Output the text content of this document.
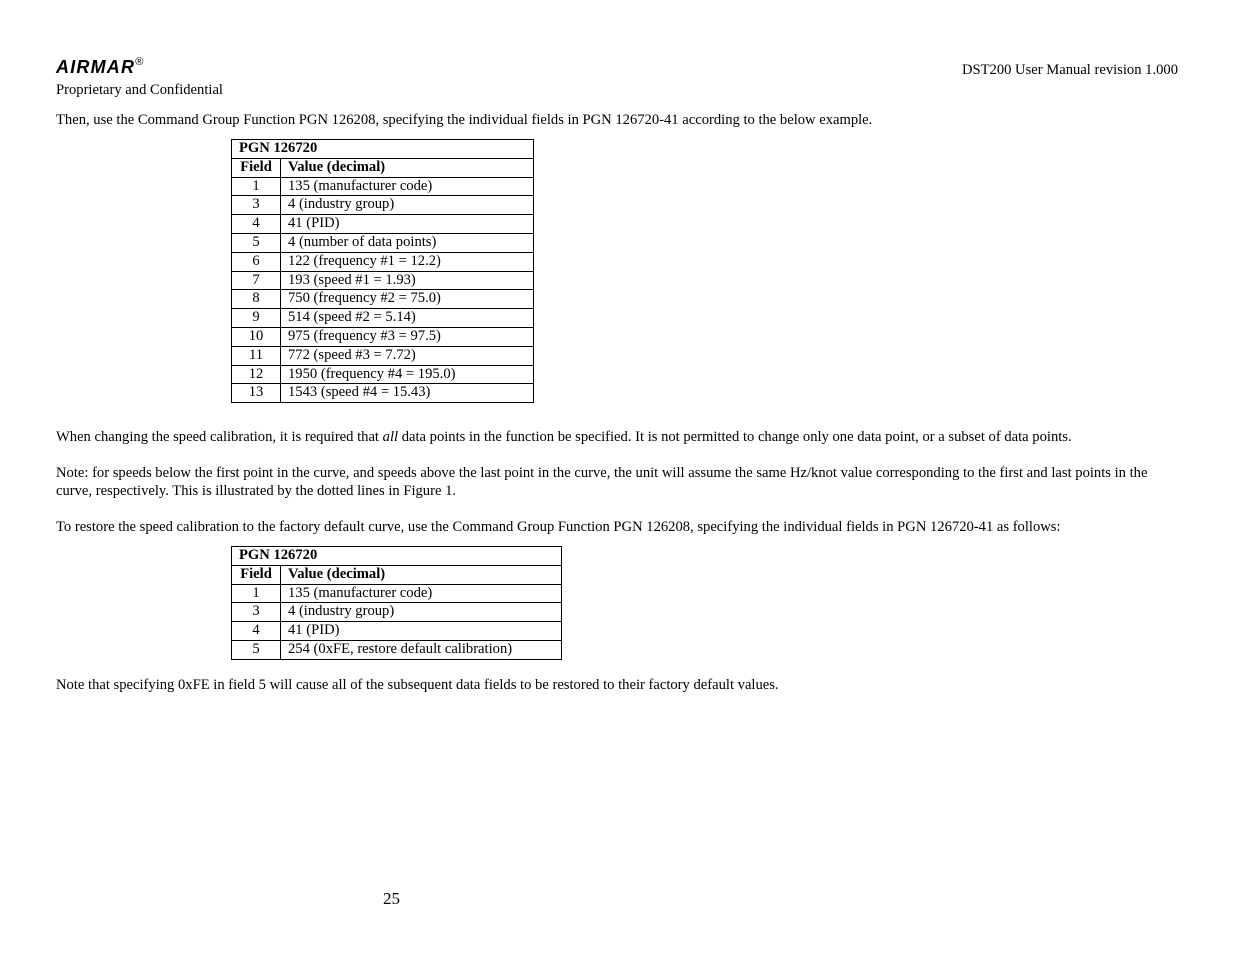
AIRMAR®	DST200 User Manual revision 1.000
Proprietary and Confidential
Then, use the Command Group Function PGN 126208, specifying the individual fields in PGN 126720-41 according to the below example.
PGN 126720	
Field	Value (decimal)
1	135 (manufacturer code)
3	4 (industry group)
4	41 (PID)
5	4 (number of data points)
6	122 (frequency #1 = 12.2)
7	193 (speed #1 = 1.93)
8	750 (frequency #2 = 75.0)
9	514 (speed #2 = 5.14)
10	975 (frequency #3 = 97.5)
11	772 (speed #3 = 7.72)
12	1950 (frequency #4 = 195.0)
13	1543 (speed #4 = 15.43)
When changing the speed calibration, it is required that all data points in the function be specified. It is not permitted to change only one data point, or a subset of data points.
Note: for speeds below the first point in the curve, and speeds above the last point in the curve, the unit will assume the same Hz/knot value corresponding to the first and last points in the curve, respectively. This is illustrated by the dotted lines in Figure 1.
To restore the speed calibration to the factory default curve, use the Command Group Function PGN 126208, specifying the individual fields in PGN 126720-41 as follows:
PGN 126720	
Field	Value (decimal)
1	135 (manufacturer code)
3	4 (industry group)
4	41 (PID)
5	254 (0xFE, restore default calibration)
Note that specifying 0xFE in field 5 will cause all of the subsequent data fields to be restored to their factory default values.
25
